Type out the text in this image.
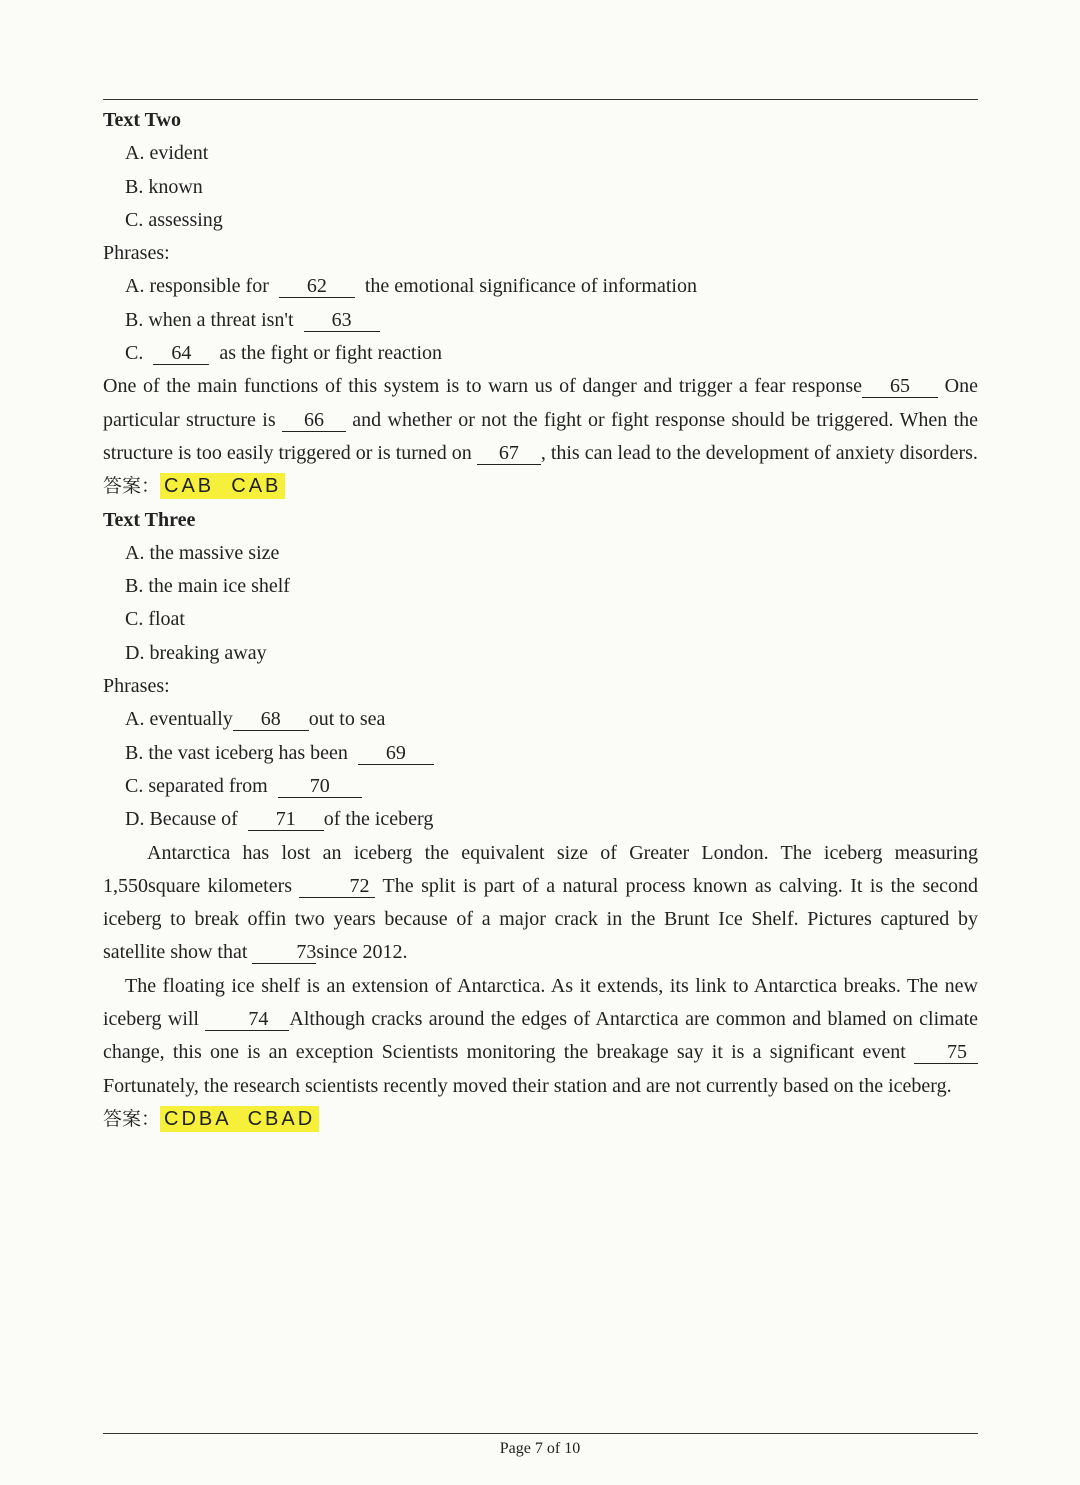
Text Two
A. evident
B. known
C. assessing
Phrases:
A. responsible for 62 the emotional significance of information
B. when a threat isn't 63
C. 64 as the fight or fight reaction
One of the main functions of this system is to warn us of danger and trigger a fear response 65 One particular structure is 66 and whether or not the fight or fight response should be triggered. When the structure is too easily triggered or is turned on 67 , this can lead to the development of anxiety disorders.
答案： CAB  CAB
Text Three
A. the massive size
B. the main ice shelf
C. float
D. breaking away
Phrases:
A. eventually 68 out to sea
B. the vast iceberg has been 69
C. separated from 70
D. Because of 71 of the iceberg
Antarctica has lost an iceberg the equivalent size of Greater London. The iceberg measuring 1,550square kilometers	72 The split is part of a natural process known as calving. It is the second iceberg to break offin two years because of a major crack in the Brunt Ice Shelf. Pictures captured by satellite show that 73since 2012.
The floating ice shelf is an extension of Antarctica. As it extends, its link to Antarctica breaks. The new iceberg will 74 Although cracks around the edges of Antarctica are common and blamed on climate change, this one is an exception Scientists monitoring the breakage say it is a significant event 75Fortunately, the research scientists recently moved their station and are not currently based on the iceberg.
答案： CDBA  CBAD
Page 7 of 10
